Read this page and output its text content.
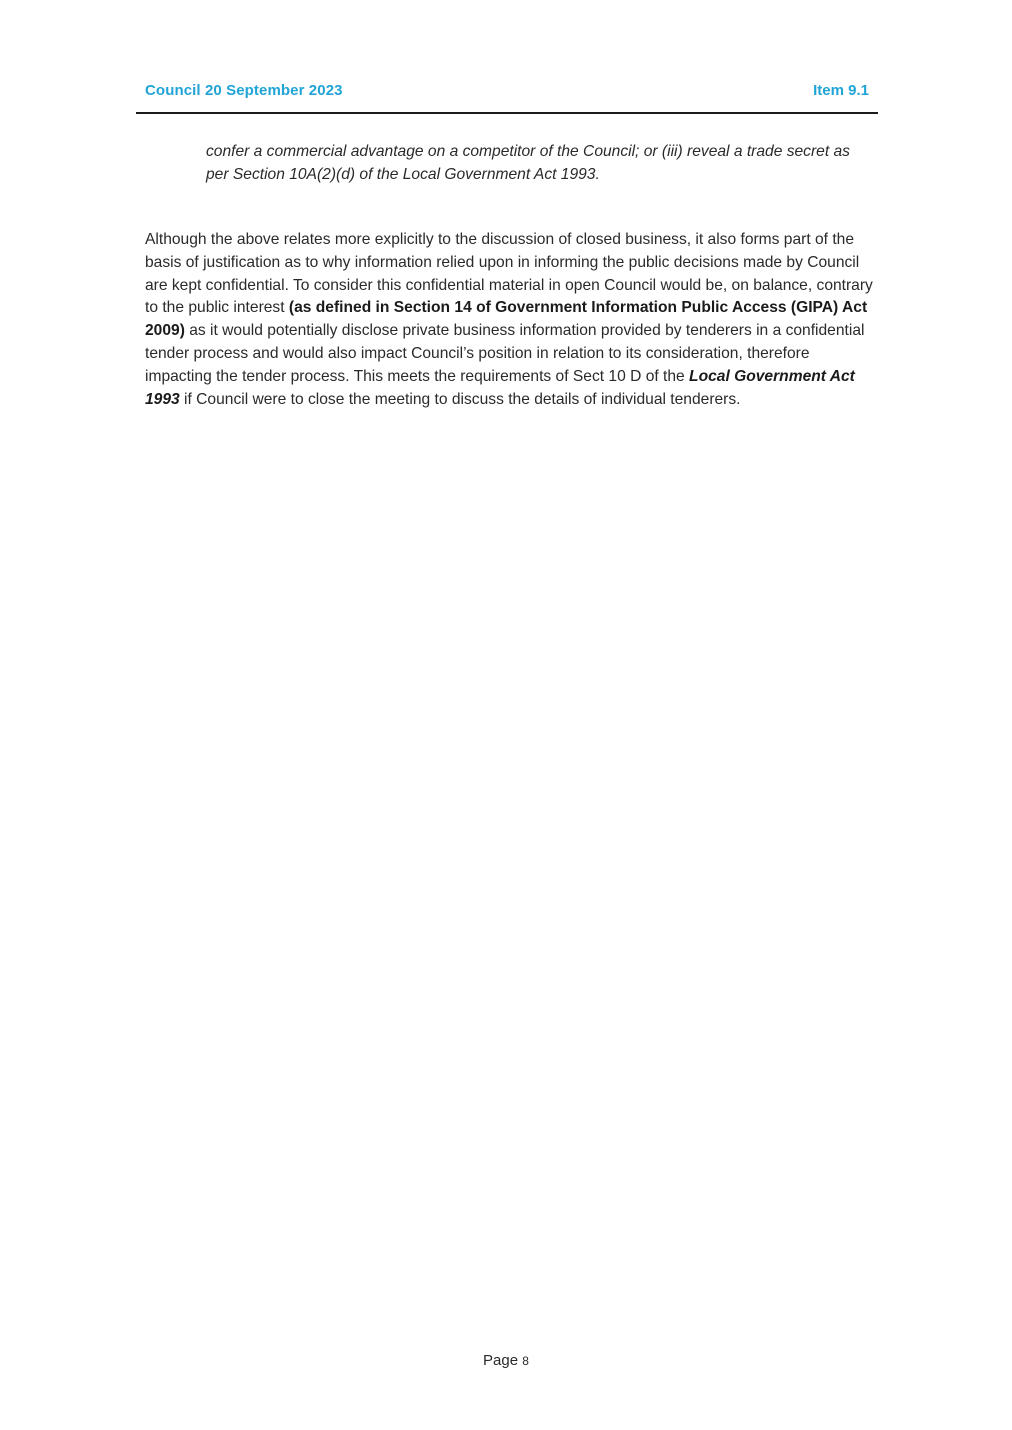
Council 20 September 2023	Item 9.1

confer a commercial advantage on a competitor of the Council; or (iii) reveal a trade secret as per Section 10A(2)(d) of the Local Government Act 1993.

Although the above relates more explicitly to the discussion of closed business, it also forms part of the basis of justification as to why information relied upon in informing the public decisions made by Council are kept confidential. To consider this confidential material in open Council would be, on balance, contrary to the public interest (as defined in Section 14 of Government Information Public Access (GIPA) Act 2009) as it would potentially disclose private business information provided by tenderers in a confidential tender process and would also impact Council’s position in relation to its consideration, therefore impacting the tender process. This meets the requirements of Sect 10 D of the Local Government Act 1993 if Council were to close the meeting to discuss the details of individual tenderers.

Page 8
